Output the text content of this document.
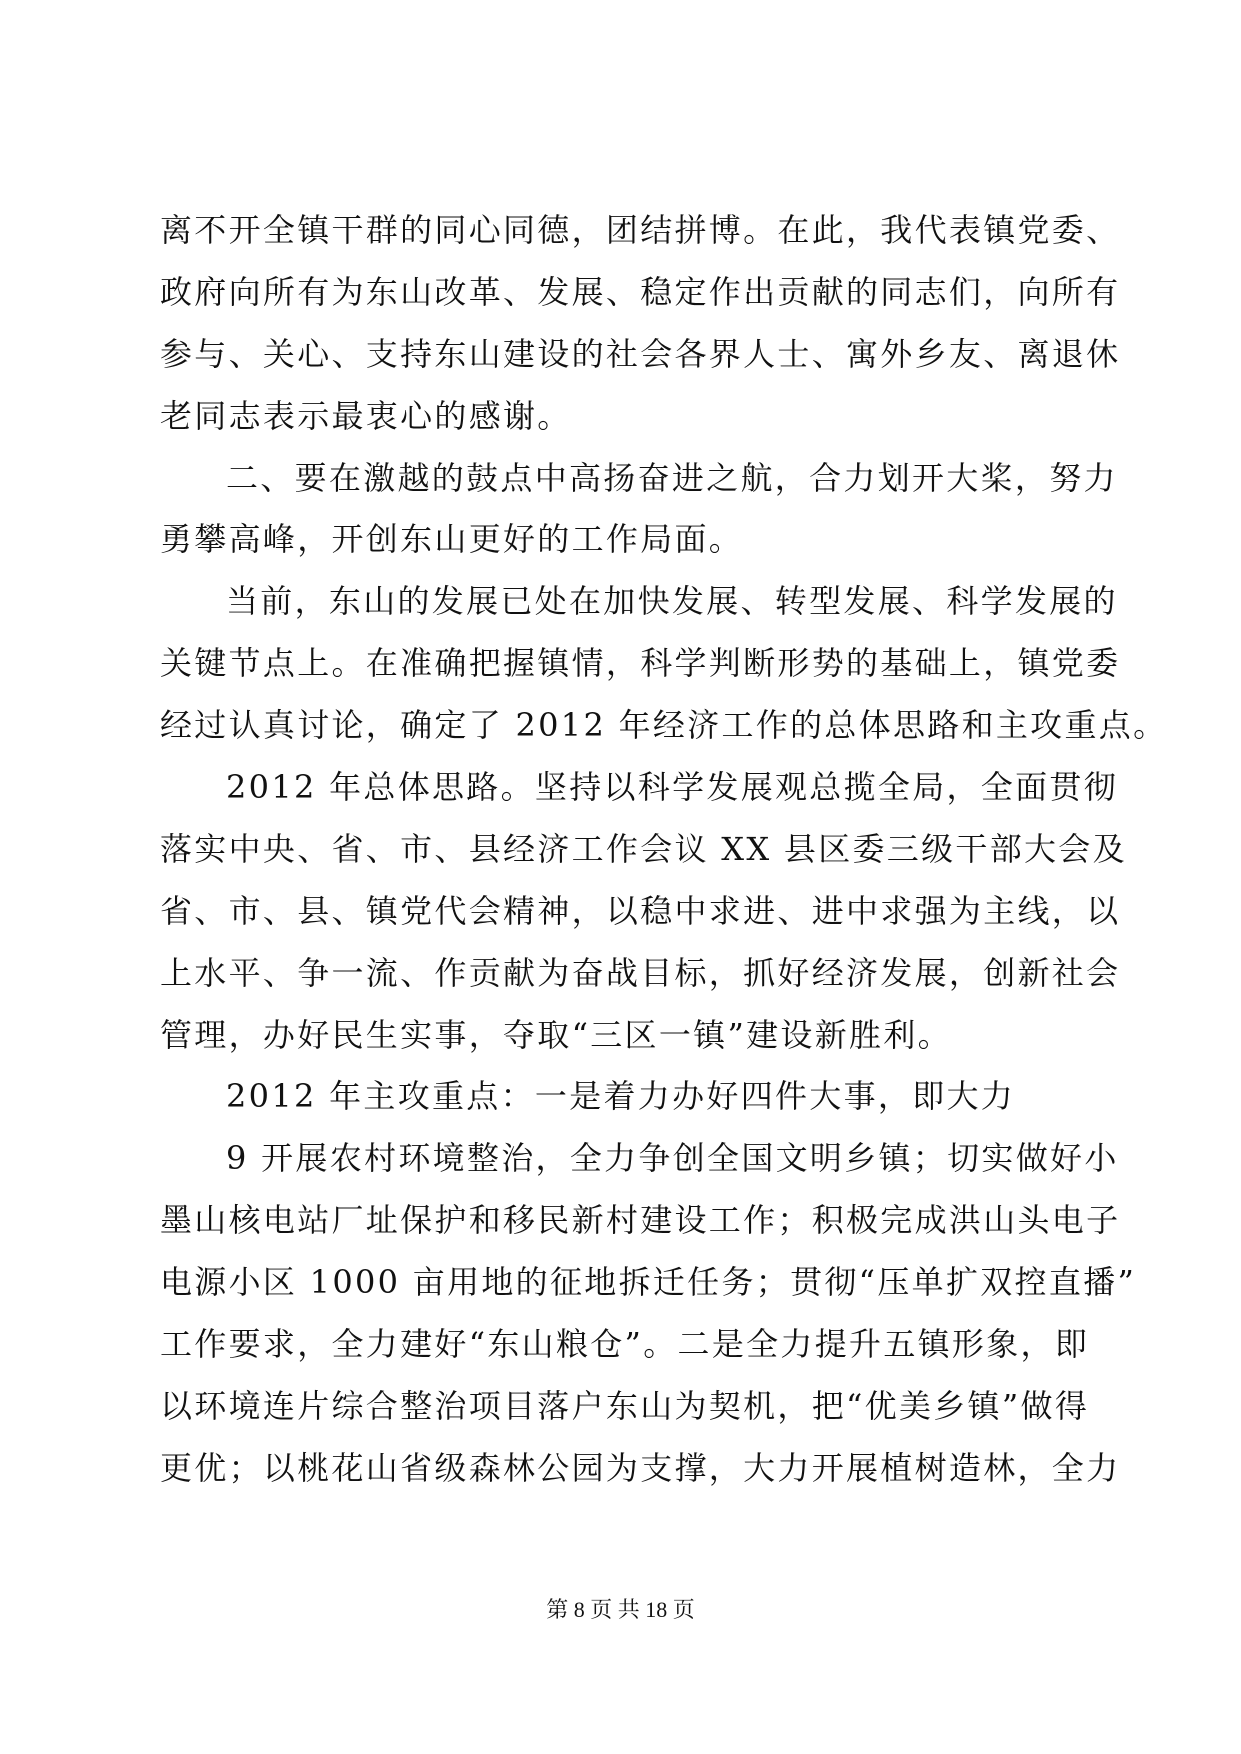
离不开全镇干群的同心同德，团结拼博。在此，我代表镇党委、
政府向所有为东山改革、发展、稳定作出贡献的同志们，向所有
参与、关心、支持东山建设的社会各界人士、寓外乡友、离退休
老同志表示最衷心的感谢。
二、要在激越的鼓点中高扬奋进之航，合力划开大桨，努力
勇攀高峰，开创东山更好的工作局面。
当前，东山的发展已处在加快发展、转型发展、科学发展的
关键节点上。在准确把握镇情，科学判断形势的基础上，镇党委
经过认真讨论，确定了 2012 年经济工作的总体思路和主攻重点。
2012 年总体思路。坚持以科学发展观总揽全局，全面贯彻
落实中央、省、市、县经济工作会议 XX 县区委三级干部大会及
省、市、县、镇党代会精神，以稳中求进、进中求强为主线，以
上水平、争一流、作贡献为奋战目标，抓好经济发展，创新社会
管理，办好民生实事，夺取“三区一镇”建设新胜利。
2012 年主攻重点：一是着力办好四件大事，即大力
9 开展农村环境整治，全力争创全国文明乡镇；切实做好小
墨山核电站厂址保护和移民新村建设工作；积极完成洪山头电子
电源小区 1000 亩用地的征地拆迁任务；贯彻“压单扩双控直播”
工作要求，全力建好“东山粮仓”。二是全力提升五镇形象，即
以环境连片综合整治项目落户东山为契机，把“优美乡镇”做得
更优；以桃花山省级森林公园为支撑，大力开展植树造林，全力
第 8 页 共 18 页
